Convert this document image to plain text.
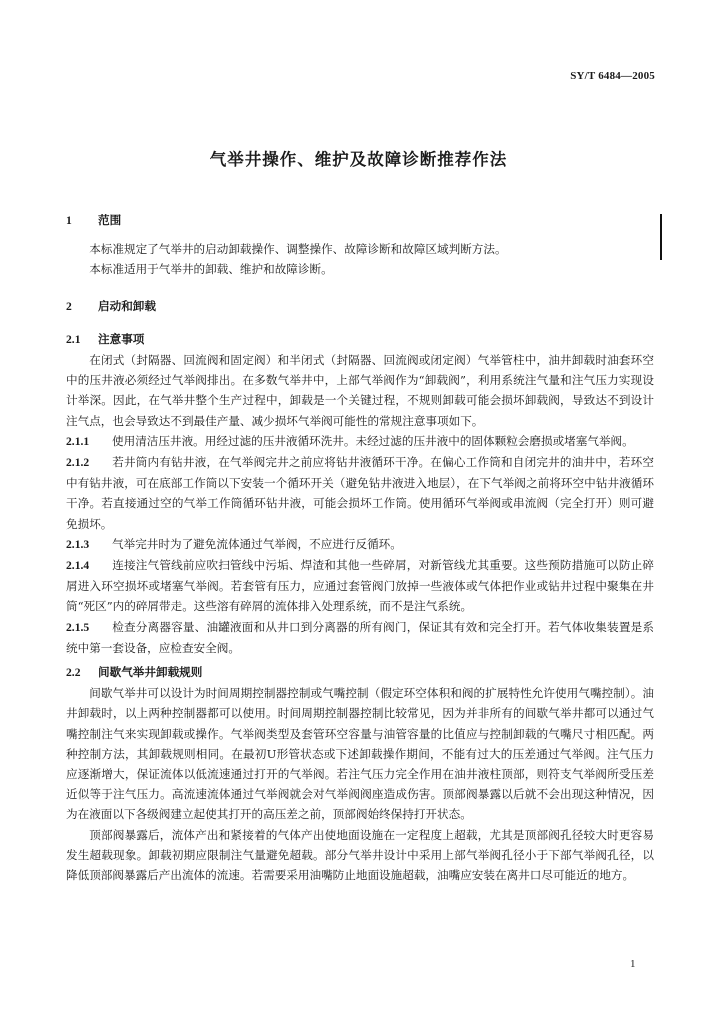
SY/T 6484—2005
气举井操作、维护及故障诊断推荐作法
1 范围

本标准规定了气举井的启动卸载操作、调整操作、故障诊断和故障区域判断方法。

本标准适用于气举井的卸载、维护和故障诊断。

2 启动和卸载
2.1 注意事项

在闭式（封隔器、回流阀和固定阀）和半闭式（封隔器、回流阀或闭定阀）气举管柱中，油井卸载时油套环空中的压井液必须经过气举阀排出。在多数气举井中，上部气举阀作为“卸载阀”，利用系统注气量和注气压力实现设计举深。因此，在气举井整个生产过程中，卸载是一个关键过程，不规则卸载可能会损坏卸载阀，导致达不到设计注气点，也会导致达不到最佳产量、减少损坏气举阀可能性的常规注意事项如下。

2.1.1 使用清洁压井液。用经过滤的压井液循环洗井。未经过滤的压井液中的固体颗粒会磨损或堵塞气举阀。

2.1.2 若井筒内有钻井液，在气举阀完井之前应将钻井液循环干净。在偏心工作筒和自闭完井的油井中，若环空中有钻井液，可在底部工作筒以下安装一个循环开关（避免钻井液进入地层），在下气举阀之前将环空中钻井液循环干净。若直接通过空的气举工作筒循环钻井液，可能会损坏工作筒。使用循环气举阀或串流阀（完全打开）则可避免损坏。

2.1.3 气举完井时为了避免流体通过气举阀，不应进行反循环。

2.1.4 连接注气管线前应吹扫管线中污垢、焊渣和其他一些碎屑，对新管线尤其重要。这些预防措施可以防止碎屑进入环空损坏或堵塞气举阀。若套管有压力，应通过套管阀门放掉一些液体或气体把作业或钻井过程中聚集在井筒“死区”内的碎屑带走。这些溶有碎屑的流体排入处理系统，而不是注气系统。

2.1.5 检查分离器容量、油罐液面和从井口到分离器的所有阀门，保证其有效和完全打开。若气体收集装置是系统中第一套设备，应检查安全阀。

2.2 间歇气举井卸载规则

间歇气举井可以设计为时间周期控制器控制或气嘴控制（假定环空体积和阀的扩展特性允许使用气嘴控制）。油井卸载时，以上两种控制器都可以使用。时间周期控制器控制比较常见，因为并非所有的间歇气举井都可以通过气嘴控制注气来实现卸载或操作。气举阀类型及套管环空容量与油管容量的比值应与控制卸载的气嘴尺寸相匹配。两种控制方法，其卸载规则相同。在最初U形管状态或下述卸载操作期间，不能有过大的压差通过气举阀。注气压力应逐渐增大，保证流体以低流速通过打开的气举阀。若注气压力完全作用在油井液柱顶部，则符支气举阀所受压差近似等于注气压力。高流速流体通过气举阀就会对气举阀阀座造成伤害。顶部阀暴露以后就不会出现这种情况，因为在液面以下各级阀建立起使其打开的高压差之前，顶部阀始终保持打开状态。

顶部阀暴露后，流体产出和紧接着的气体产出使地面设施在一定程度上超载，尤其是顶部阀孔径较大时更容易发生超载现象。卸载初期应限制注气量避免超载。部分气举井设计中采用上部气举阀孔径小于下部气举阀孔径，以降低顶部阀暴露后产出流体的流速。若需要采用油嘴防止地面设施超载，油嘴应安装在离井口尽可能近的地方。

1
